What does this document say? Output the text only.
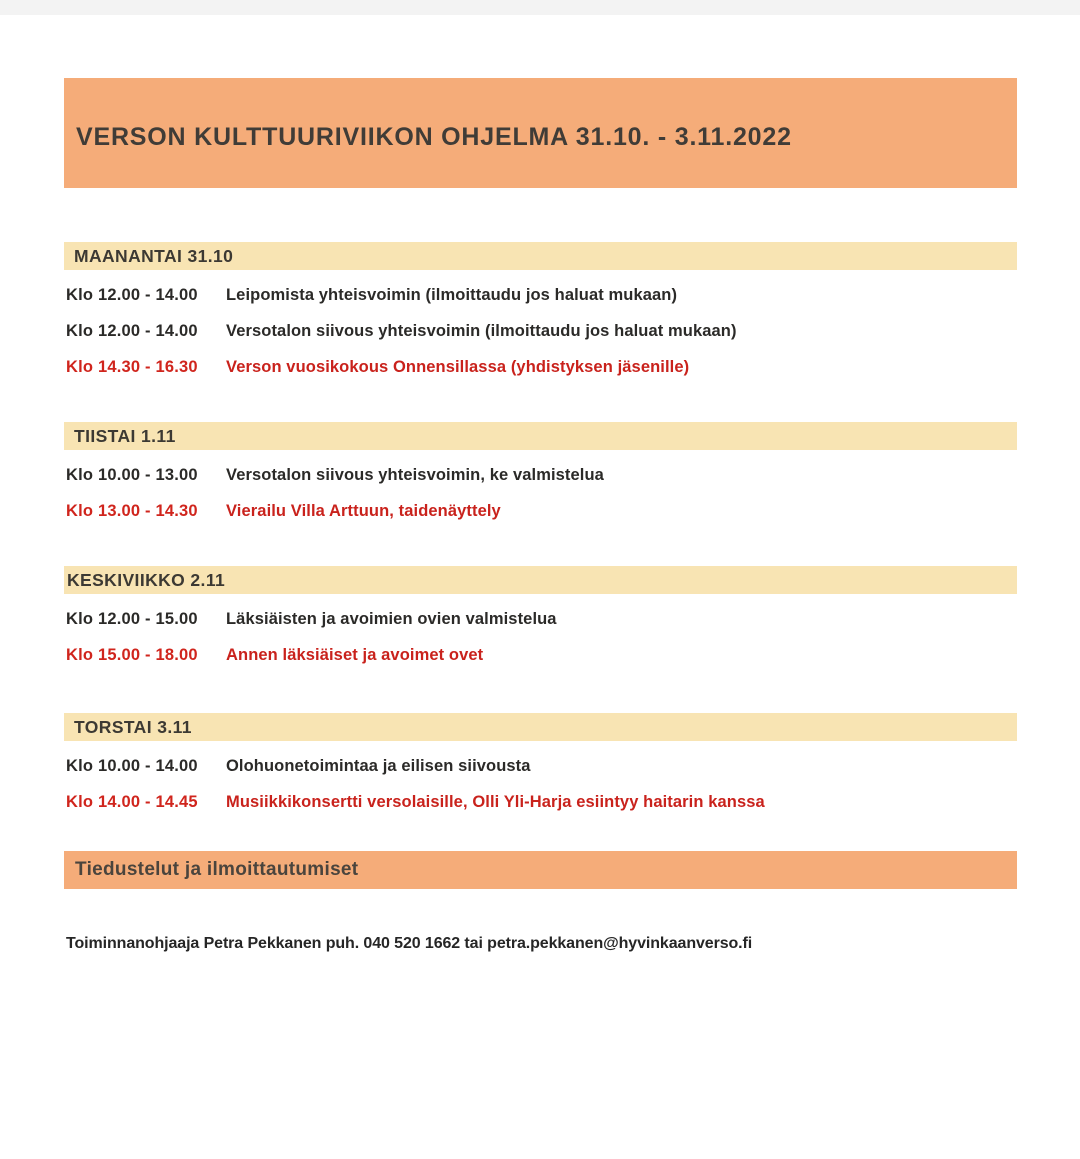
VERSON KULTTUURIVIIKON OHJELMA 31.10. - 3.11.2022
MAANANTAI 31.10
Klo 12.00 - 14.00	Leipomista yhteisvoimin (ilmoittaudu jos haluat mukaan)
Klo 12.00 - 14.00	Versotalon siivous yhteisvoimin (ilmoittaudu jos haluat mukaan)
Klo 14.30 - 16.30	Verson vuosikokous Onnensillassa (yhdistyksen jäsenille)
TIISTAI 1.11
Klo 10.00 - 13.00	Versotalon siivous yhteisvoimin, ke valmistelua
Klo 13.00 - 14.30	Vierailu Villa Arttuun, taidenäyttely
KESKIVIIKKO 2.11
Klo 12.00 - 15.00	Läksiäisten ja avoimien ovien valmistelua
Klo 15.00 - 18.00	Annen läksiäiset ja avoimet ovet
TORSTAI 3.11
Klo 10.00 - 14.00	Olohuonetoimintaa ja eilisen siivousta
Klo 14.00 - 14.45	Musiikkikonsertti versolaisille, Olli Yli-Harja esiintyy haitarin kanssa
Tiedustelut ja ilmoittautumiset
Toiminnanohjaaja Petra Pekkanen puh. 040 520 1662 tai petra.pekkanen@hyvinkaanverso.fi
